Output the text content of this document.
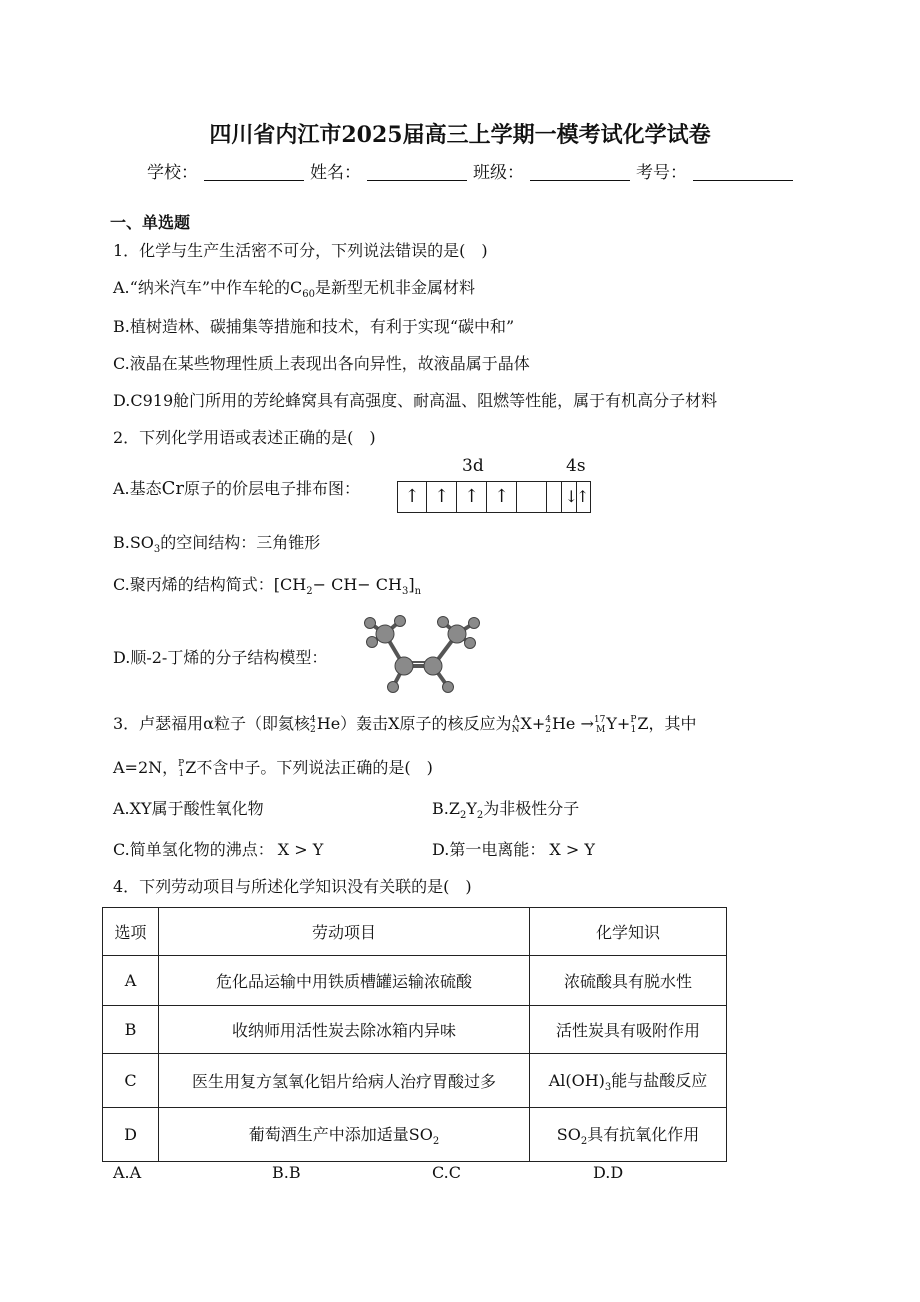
四川省内江市2025届高三上学期一模考试化学试卷
学校：	姓名：	班级：	考号：
一、单选题
1．化学与生产生活密不可分，下列说法错误的是(　)
A.“纳米汽车”中作车轮的$C_{60}$是新型无机非金属材料
B.植树造林、碳捕集等措施和技术，有利于实现“碳中和”
C.液晶在某些物理性质上表现出各向异性，故液晶属于晶体
D.C919舱门所用的芳纶蜂窝具有高强度、耐高温、阻燃等性能，属于有机高分子材料
2．下列化学用语或表述正确的是(　)
A.基态Cr原子的价层电子排布图：
3d	4s
↑ ↑ ↑ ↑	↓↑
$B.SO_3$的空间结构：三角锥形
C.聚丙烯的结构简式：$[CH_2- CH- CH_3]_n$
D.顺-2-丁烯的分子结构模型：
3．卢瑟福用α粒子（即氦核 4
2 He）轰击X原子的核反应为 A
N X+ 4
2 He → 17
M Y+ P
1 Z，其中
A=2N， P
1 Z不含中子。下列说法正确的是(　)
A.XY属于酸性氧化物	$B.Z_2Y_2$为非极性分子
C.简单氢化物的沸点： X > Y	D.第一电离能： X > Y
4．下列劳动项目与所述化学知识没有关联的是(　)
选项	劳动项目	化学知识
A	危化品运输中用铁质槽罐运输浓硫酸	浓硫酸具有脱水性
B	收纳师用活性炭去除冰箱内异味	活性炭具有吸附作用
C	医生用复方氢氧化铝片给病人治疗胃酸过多	$Al(OH)_3$能与盐酸反应
D	葡萄酒生产中添加适量$SO_2$	$SO_2$具有抗氧化作用
A.A	B.B	C.C	D.D
